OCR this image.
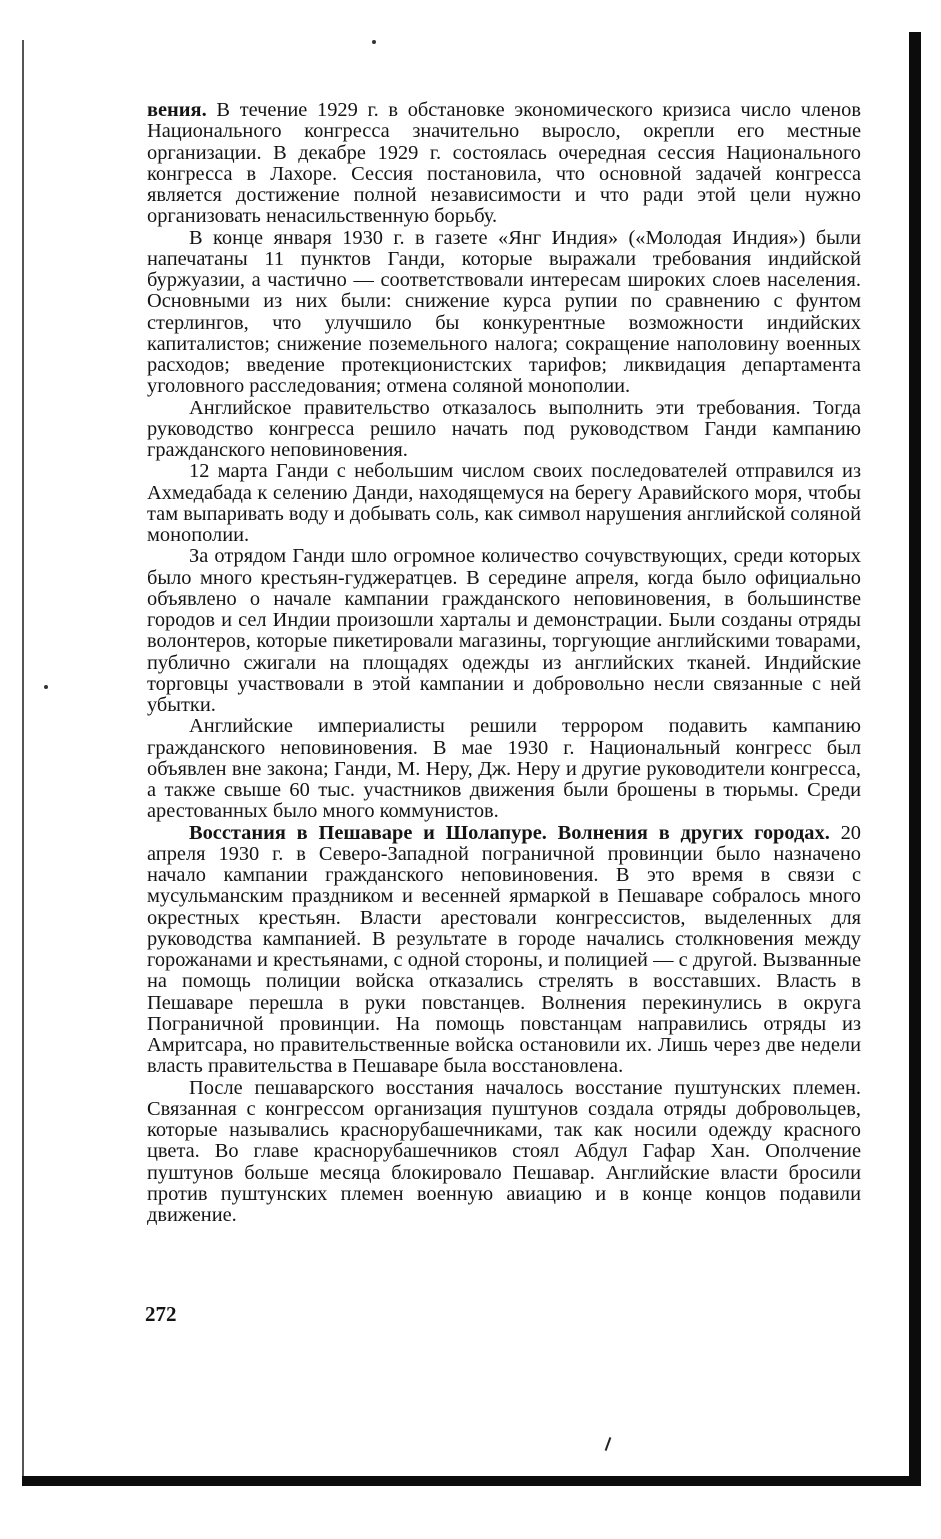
вения. В течение 1929 г. в обстановке экономического кризиса число членов Национального конгресса значительно выросло, окрепли его местные организации. В декабре 1929 г. состоялась очередная сессия Национального конгресса в Лахоре. Сессия постановила, что основной задачей конгресса является достижение полной независимости и что ради этой цели нужно организовать ненасильственную борьбу.

В конце января 1930 г. в газете «Янг Индия» («Молодая Индия») были напечатаны 11 пунктов Ганди, которые выражали требования индийской буржуазии, а частично — соответствовали интересам широких слоев населения. Основными из них были: снижение курса рупии по сравнению с фунтом стерлингов, что улучшило бы конкурентные возможности индийских капиталистов; снижение поземельного налога; сокращение наполовину военных расходов; введение протекционистских тарифов; ликвидация департамента уголовного расследования; отмена соляной монополии.

Английское правительство отказалось выполнить эти требования. Тогда руководство конгресса решило начать под руководством Ганди кампанию гражданского неповиновения.

12 марта Ганди с небольшим числом своих последователей отправился из Ахмедабада к селению Данди, находящемуся на берегу Аравийского моря, чтобы там выпаривать воду и добывать соль, как символ нарушения английской соляной монополии.

За отрядом Ганди шло огромное количество сочувствующих, среди которых было много крестьян-гуджератцев. В середине апреля, когда было официально объявлено о начале кампании гражданского неповиновения, в большинстве городов и сел Индии произошли харталы и демонстрации. Были созданы отряды волонтеров, которые пикетировали магазины, торгующие английскими товарами, публично сжигали на площадях одежды из английских тканей. Индийские торговцы участвовали в этой кампании и добровольно несли связанные с ней убытки.

Английские империалисты решили террором подавить кампанию гражданского неповиновения. В мае 1930 г. Национальный конгресс был объявлен вне закона; Ганди, М. Неру, Дж. Неру и другие руководители конгресса, а также свыше 60 тыс. участников движения были брошены в тюрьмы. Среди арестованных было много коммунистов.

Восстания в Пешаваре и Шолапуре. Волнения в других городах. 20 апреля 1930 г. в Северо-Западной пограничной провинции было назначено начало кампании гражданского неповиновения. В это время в связи с мусульманским праздником и весенней ярмаркой в Пешаваре собралось много окрестных крестьян. Власти арестовали конгрессистов, выделенных для руководства кампанией. В результате в городе начались столкновения между горожанами и крестьянами, с одной стороны, и полицией — с другой. Вызванные на помощь полиции войска отказались стрелять в восставших. Власть в Пешаваре перешла в руки повстанцев. Волнения перекинулись в округа Пограничной провинции. На помощь повстанцам направились отряды из Амритсара, но правительственные войска остановили их. Лишь через две недели власть правительства в Пешаваре была восстановлена.

После пешаварского восстания началось восстание пуштунских племен. Связанная с конгрессом организация пуштунов создала отряды добровольцев, которые назывались краснорубашечниками, так как носили одежду красного цвета. Во главе краснорубашечников стоял Абдул Гафар Хан. Ополчение пуштунов больше месяца блокировало Пешавар. Английские власти бросили против пуштунских племен военную авиацию и в конце концов подавили движение.

272
